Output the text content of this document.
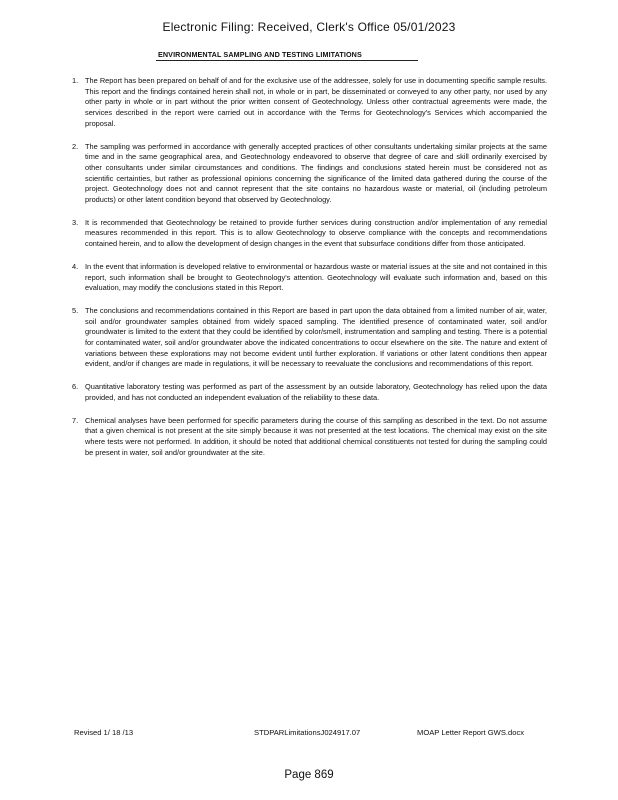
Electronic Filing: Received, Clerk's Office 05/01/2023
ENVIRONMENTAL SAMPLING AND TESTING LIMITATIONS
1. The Report has been prepared on behalf of and for the exclusive use of the addressee, solely for use in documenting specific sample results. This report and the findings contained herein shall not, in whole or in part, be disseminated or conveyed to any other party, nor used by any other party in whole or in part without the prior written consent of Geotechnology. Unless other contractual agreements were made, the services described in the report were carried out in accordance with the Terms for Geotechnology's Services which accompanied the proposal.
2. The sampling was performed in accordance with generally accepted practices of other consultants undertaking similar projects at the same time and in the same geographical area, and Geotechnology endeavored to observe that degree of care and skill ordinarily exercised by other consultants under similar circumstances and conditions. The findings and conclusions stated herein must be considered not as scientific certainties, but rather as professional opinions concerning the significance of the limited data gathered during the course of the project. Geotechnology does not and cannot represent that the site contains no hazardous waste or material, oil (including petroleum products) or other latent condition beyond that observed by Geotechnology.
3. It is recommended that Geotechnology be retained to provide further services during construction and/or implementation of any remedial measures recommended in this report. This is to allow Geotechnology to observe compliance with the concepts and recommendations contained herein, and to allow the development of design changes in the event that subsurface conditions differ from those anticipated.
4. In the event that information is developed relative to environmental or hazardous waste or material issues at the site and not contained in this report, such information shall be brought to Geotechnology's attention. Geotechnology will evaluate such information and, based on this evaluation, may modify the conclusions stated in this Report.
5. The conclusions and recommendations contained in this Report are based in part upon the data obtained from a limited number of air, water, soil and/or groundwater samples obtained from widely spaced sampling. The identified presence of contaminated water, soil and/or groundwater is limited to the extent that they could be identified by color/smell, instrumentation and sampling and testing. There is a potential for contaminated water, soil and/or groundwater above the indicated concentrations to occur elsewhere on the site. The nature and extent of variations between these explorations may not become evident until further exploration. If variations or other latent conditions then appear evident, and/or if changes are made in regulations, it will be necessary to reevaluate the conclusions and recommendations of this report.
6. Quantitative laboratory testing was performed as part of the assessment by an outside laboratory, Geotechnology has relied upon the data provided, and has not conducted an independent evaluation of the reliability to these data.
7. Chemical analyses have been performed for specific parameters during the course of this sampling as described in the text. Do not assume that a given chemical is not present at the site simply because it was not presented at the test locations. The chemical may exist on the site where tests were not performed. In addition, it should be noted that additional chemical constituents not tested for during the sampling could be present in water, soil and/or groundwater at the site.
Revised 1/ 18 /13	STDPARLimitationsJ024917.07	MOAP Letter Report GWS.docx
Page 869
